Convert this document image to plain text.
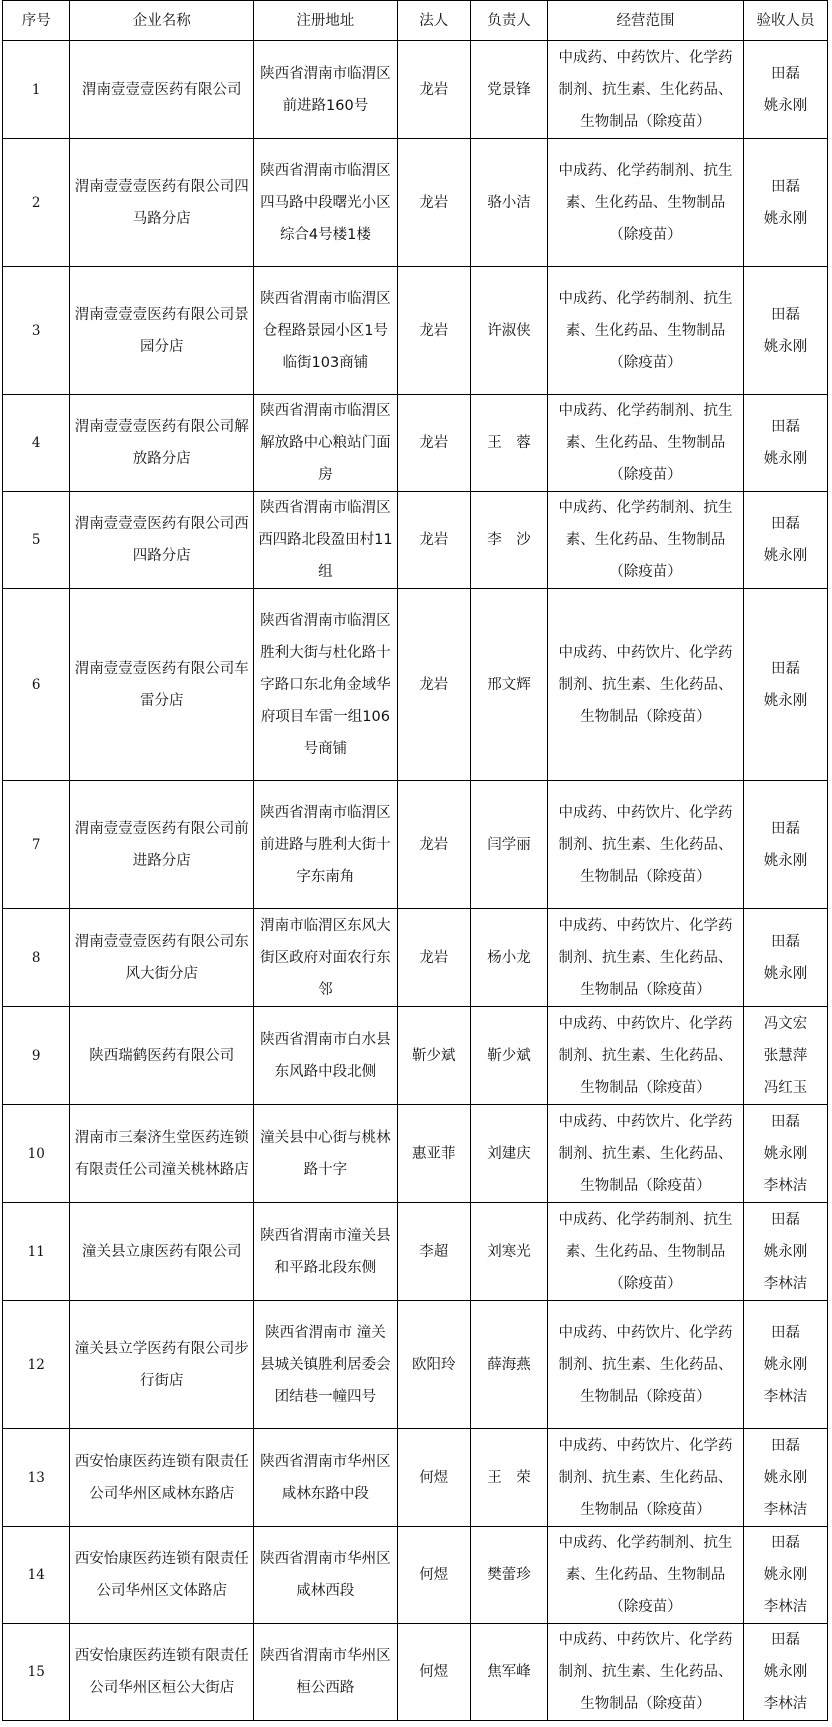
序号	企业名称	注册地址	法人	负责人	经营范围	验收人员
1	渭南壹壹壹医药有限公司	陕西省渭南市临渭区前进路160号	龙岩	党景锋	中成药、中药饮片、化学药制剂、抗生素、生化药品、生物制品（除疫苗）	田磊
姚永刚

2	渭南壹壹壹医药有限公司四马路分店	陕西省渭南市临渭区四马路中段曙光小区综合4号楼1楼	龙岩	骆小洁	中成药、化学药制剂、抗生素、生化药品、生物制品（除疫苗）	田磊
姚永刚

3	渭南壹壹壹医药有限公司景园分店	陕西省渭南市临渭区仓程路景园小区1号临街103商铺	龙岩	许淑侠	中成药、化学药制剂、抗生素、生化药品、生物制品（除疫苗）	田磊
姚永刚

4	渭南壹壹壹医药有限公司解放路分店	陕西省渭南市临渭区解放路中心粮站门面房	龙岩	王　蓉	中成药、化学药制剂、抗生素、生化药品、生物制品（除疫苗）	田磊
姚永刚

5	渭南壹壹壹医药有限公司西四路分店	陕西省渭南市临渭区西四路北段盈田村11组	龙岩	李　沙	中成药、化学药制剂、抗生素、生化药品、生物制品（除疫苗）	田磊
姚永刚

6	渭南壹壹壹医药有限公司车雷分店	陕西省渭南市临渭区胜利大街与杜化路十字路口东北角金域华府项目车雷一组106号商铺	龙岩	邢文辉	中成药、中药饮片、化学药制剂、抗生素、生化药品、生物制品（除疫苗）	田磊
姚永刚

7	渭南壹壹壹医药有限公司前进路分店	陕西省渭南市临渭区前进路与胜利大街十字东南角	龙岩	闫学丽	中成药、中药饮片、化学药制剂、抗生素、生化药品、生物制品（除疫苗）	田磊
姚永刚

8	渭南壹壹壹医药有限公司东风大街分店	渭南市临渭区东风大街区政府对面农行东邻	龙岩	杨小龙	中成药、中药饮片、化学药制剂、抗生素、生化药品、生物制品（除疫苗）	田磊
姚永刚

9	陕西瑞鹤医药有限公司	陕西省渭南市白水县东风路中段北侧	靳少斌	靳少斌	中成药、中药饮片、化学药制剂、抗生素、生化药品、生物制品（除疫苗）	冯文宏
张慧萍
冯红玉

10	渭南市三秦济生堂医药连锁有限责任公司潼关桃林路店	潼关县中心街与桃林路十字	惠亚菲	刘建庆	中成药、中药饮片、化学药制剂、抗生素、生化药品、生物制品（除疫苗）	田磊
姚永刚
李林洁

11	潼关县立康医药有限公司	陕西省渭南市潼关县和平路北段东侧	李超	刘寒光	中成药、化学药制剂、抗生素、生化药品、生物制品（除疫苗）	田磊
姚永刚
李林洁

12	潼关县立学医药有限公司步行街店	陕西省渭南市 潼关县城关镇胜利居委会团结巷一幢四号	欧阳玲	薛海燕	中成药、中药饮片、化学药制剂、抗生素、生化药品、生物制品（除疫苗）	田磊
姚永刚
李林洁

13	西安怡康医药连锁有限责任公司华州区咸林东路店	陕西省渭南市华州区咸林东路中段	何煜	王　荣	中成药、中药饮片、化学药制剂、抗生素、生化药品、生物制品（除疫苗）	田磊
姚永刚
李林洁

14	西安怡康医药连锁有限责任公司华州区文体路店	陕西省渭南市华州区咸林西段	何煜	樊蕾珍	中成药、化学药制剂、抗生素、生化药品、生物制品（除疫苗）	田磊
姚永刚
李林洁

15	西安怡康医药连锁有限责任公司华州区桓公大街店	陕西省渭南市华州区桓公西路	何煜	焦军峰	中成药、中药饮片、化学药制剂、抗生素、生化药品、生物制品（除疫苗）	田磊
姚永刚
李林洁
